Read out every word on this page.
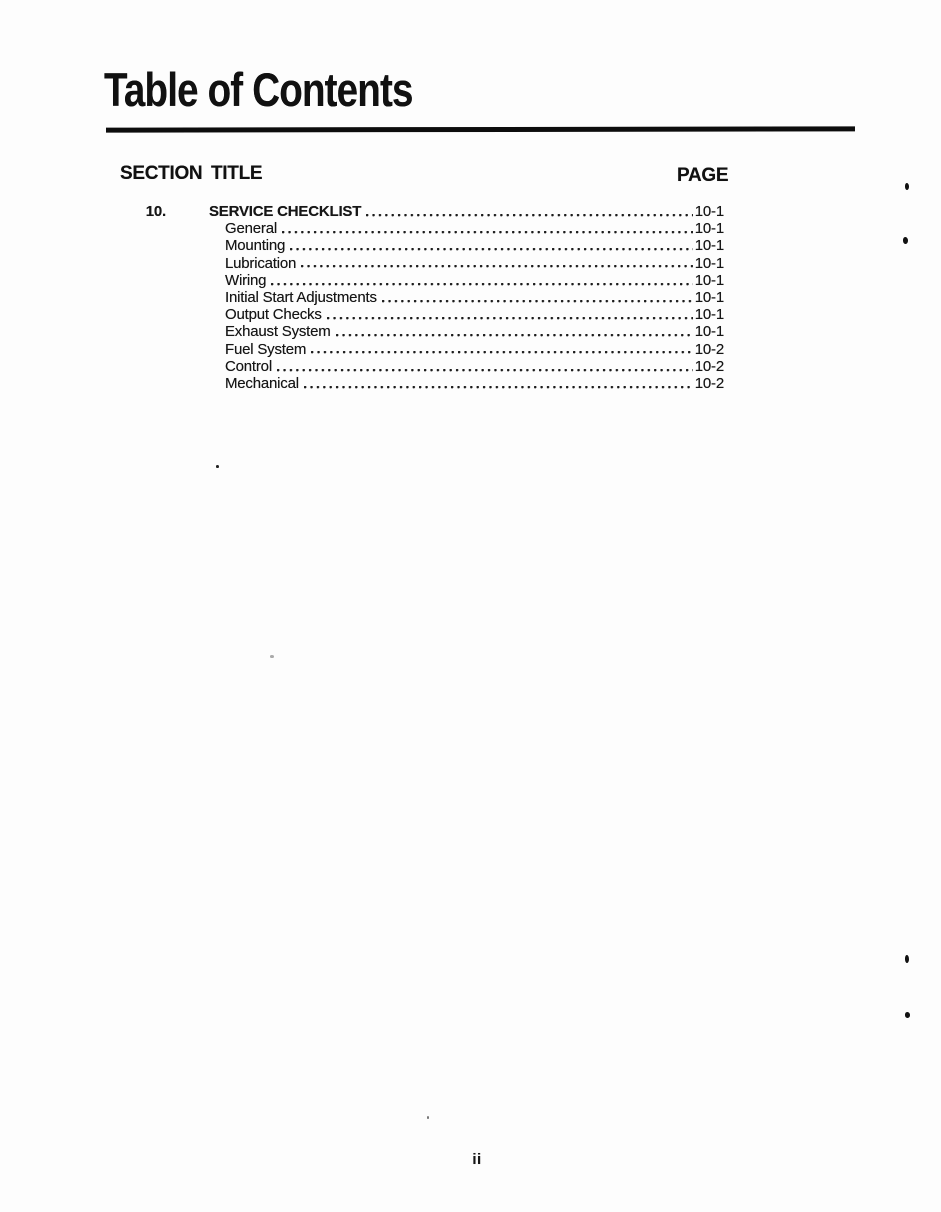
Table of Contents
SECTION TITLE	PAGE
10.	SERVICE CHECKLIST	10-1
General	10-1
Mounting	10-1
Lubrication	10-1
Wiring	10-1
Initial Start Adjustments	10-1
Output Checks	10-1
Exhaust System	10-1
Fuel System	10-2
Control	10-2
Mechanical	10-2
ii
